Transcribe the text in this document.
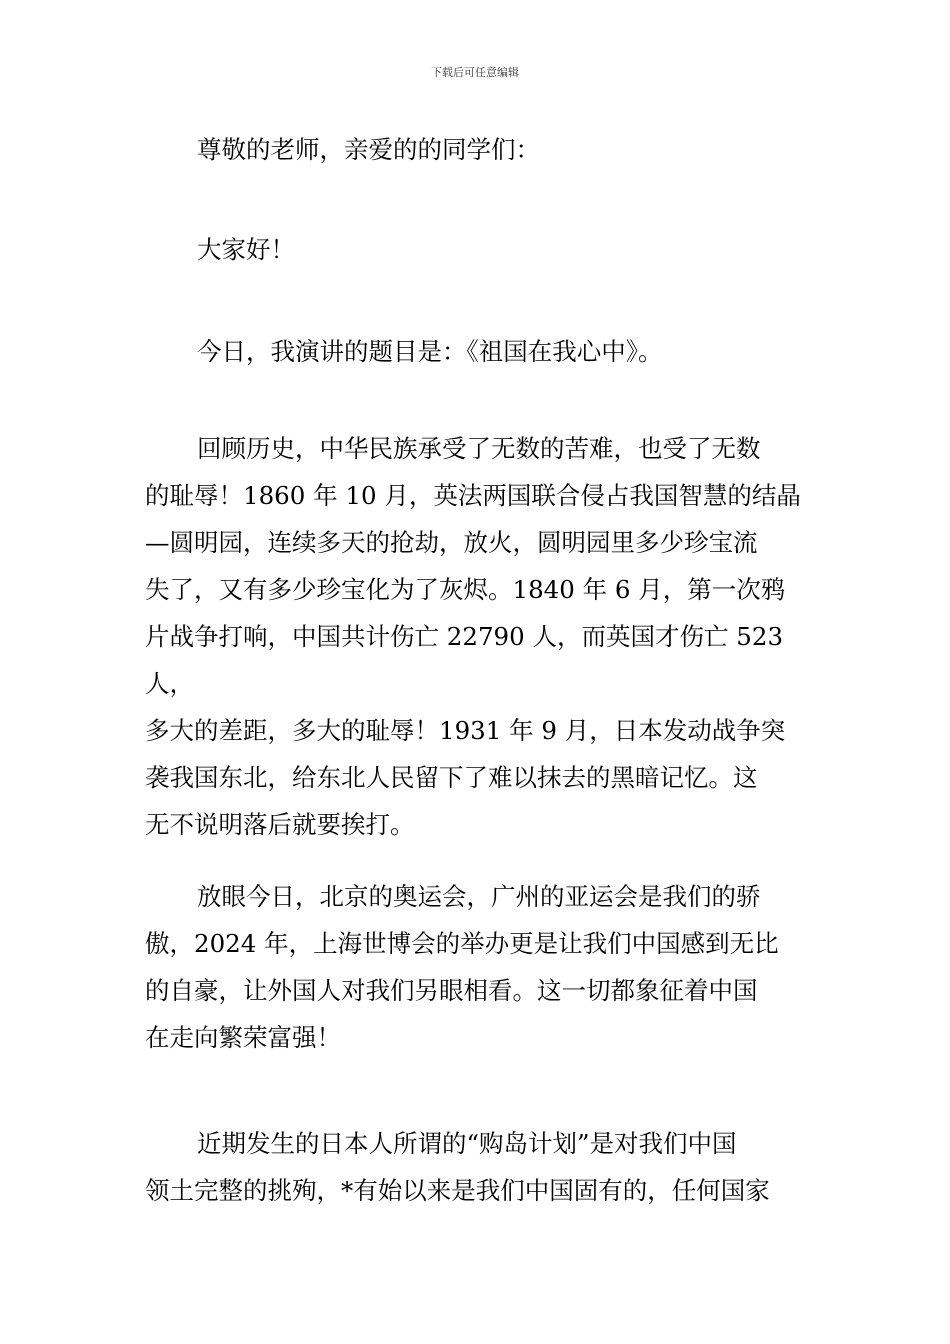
下载后可任意编辑

尊敬的老师，亲爱的的同学们：

大家好！

今日，我演讲的题目是：《祖国在我心中》。

回顾历史，中华民族承受了无数的苦难，也受了无数
的耻辱！1860 年 10 月，英法两国联合侵占我国智慧的结晶
—圆明园，连续多天的抢劫，放火，圆明园里多少珍宝流
失了，又有多少珍宝化为了灰烬。1840 年 6 月，第一次鸦
片战争打响，中国共计伤亡 22790 人，而英国才伤亡 523 人，
多大的差距，多大的耻辱！1931 年 9 月，日本发动战争突
袭我国东北，给东北人民留下了难以抹去的黑暗记忆。这
无不说明落后就要挨打。
放眼今日，北京的奥运会，广州的亚运会是我们的骄
傲，2024 年，上海世博会的举办更是让我们中国感到无比
的自豪，让外国人对我们另眼相看。这一切都象征着中国
在走向繁荣富强！
近期发生的日本人所谓的“购岛计划”是对我们中国
领土完整的挑殉，*有始以来是我们中国固有的，任何国家
